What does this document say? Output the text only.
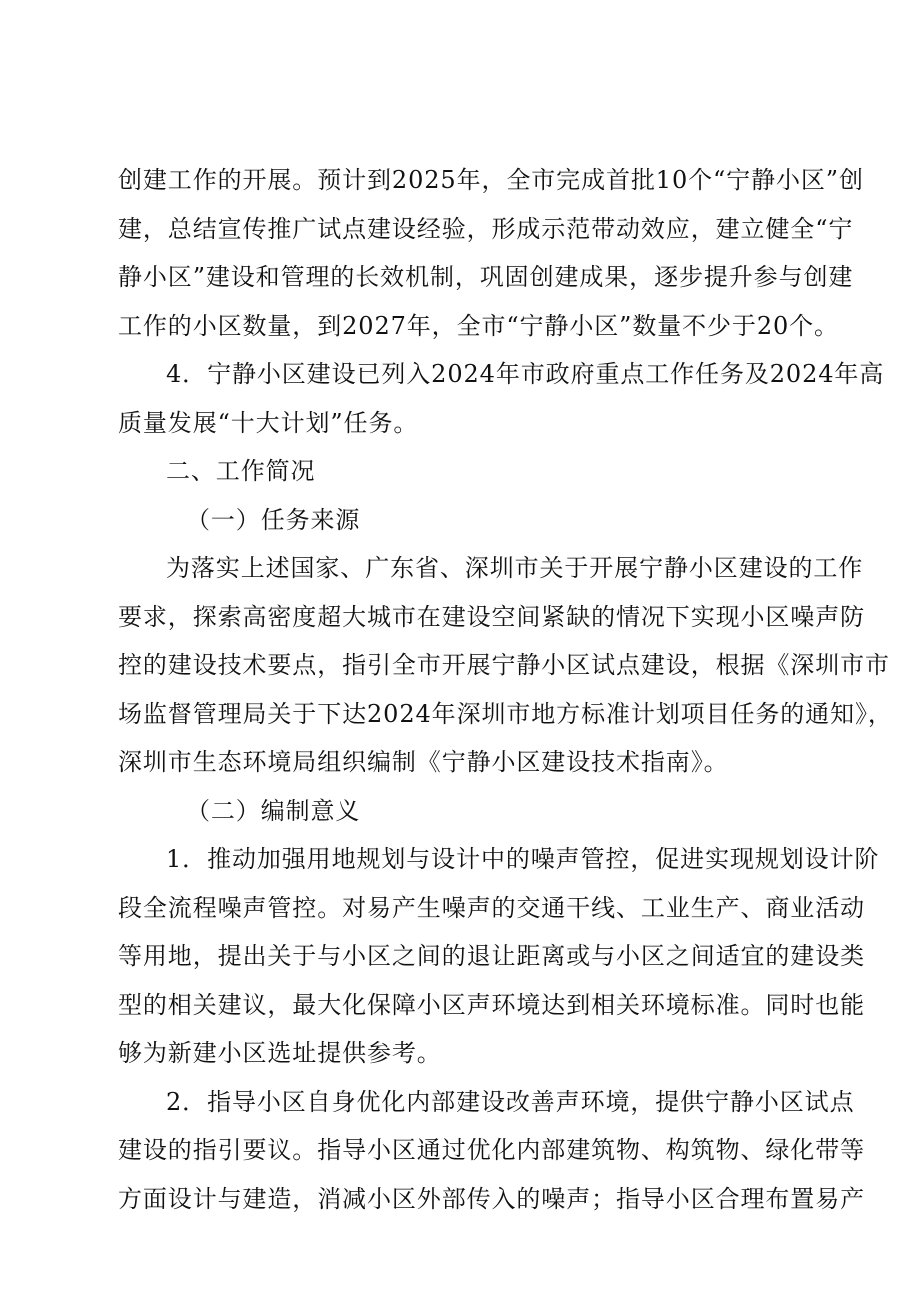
创建工作的开展。预计到2025年，全市完成首批10个“宁静小区”创
建，总结宣传推广试点建设经验，形成示范带动效应，建立健全“宁
静小区”建设和管理的长效机制，巩固创建成果，逐步提升参与创建
工作的小区数量，到2027年，全市“宁静小区”数量不少于20个。
4．宁静小区建设已列入2024年市政府重点工作任务及2024年高
质量发展“十大计划”任务。
二、工作简况
（一）任务来源
为落实上述国家、广东省、深圳市关于开展宁静小区建设的工作
要求，探索高密度超大城市在建设空间紧缺的情况下实现小区噪声防
控的建设技术要点，指引全市开展宁静小区试点建设，根据《深圳市市
场监督管理局关于下达2024年深圳市地方标准计划项目任务的通知》，
深圳市生态环境局组织编制《宁静小区建设技术指南》。
（二）编制意义
1．推动加强用地规划与设计中的噪声管控，促进实现规划设计阶
段全流程噪声管控。对易产生噪声的交通干线、工业生产、商业活动
等用地，提出关于与小区之间的退让距离或与小区之间适宜的建设类
型的相关建议，最大化保障小区声环境达到相关环境标准。同时也能
够为新建小区选址提供参考。
2．指导小区自身优化内部建设改善声环境，提供宁静小区试点
建设的指引要议。指导小区通过优化内部建筑物、构筑物、绿化带等
方面设计与建造，消减小区外部传入的噪声；指导小区合理布置易产
